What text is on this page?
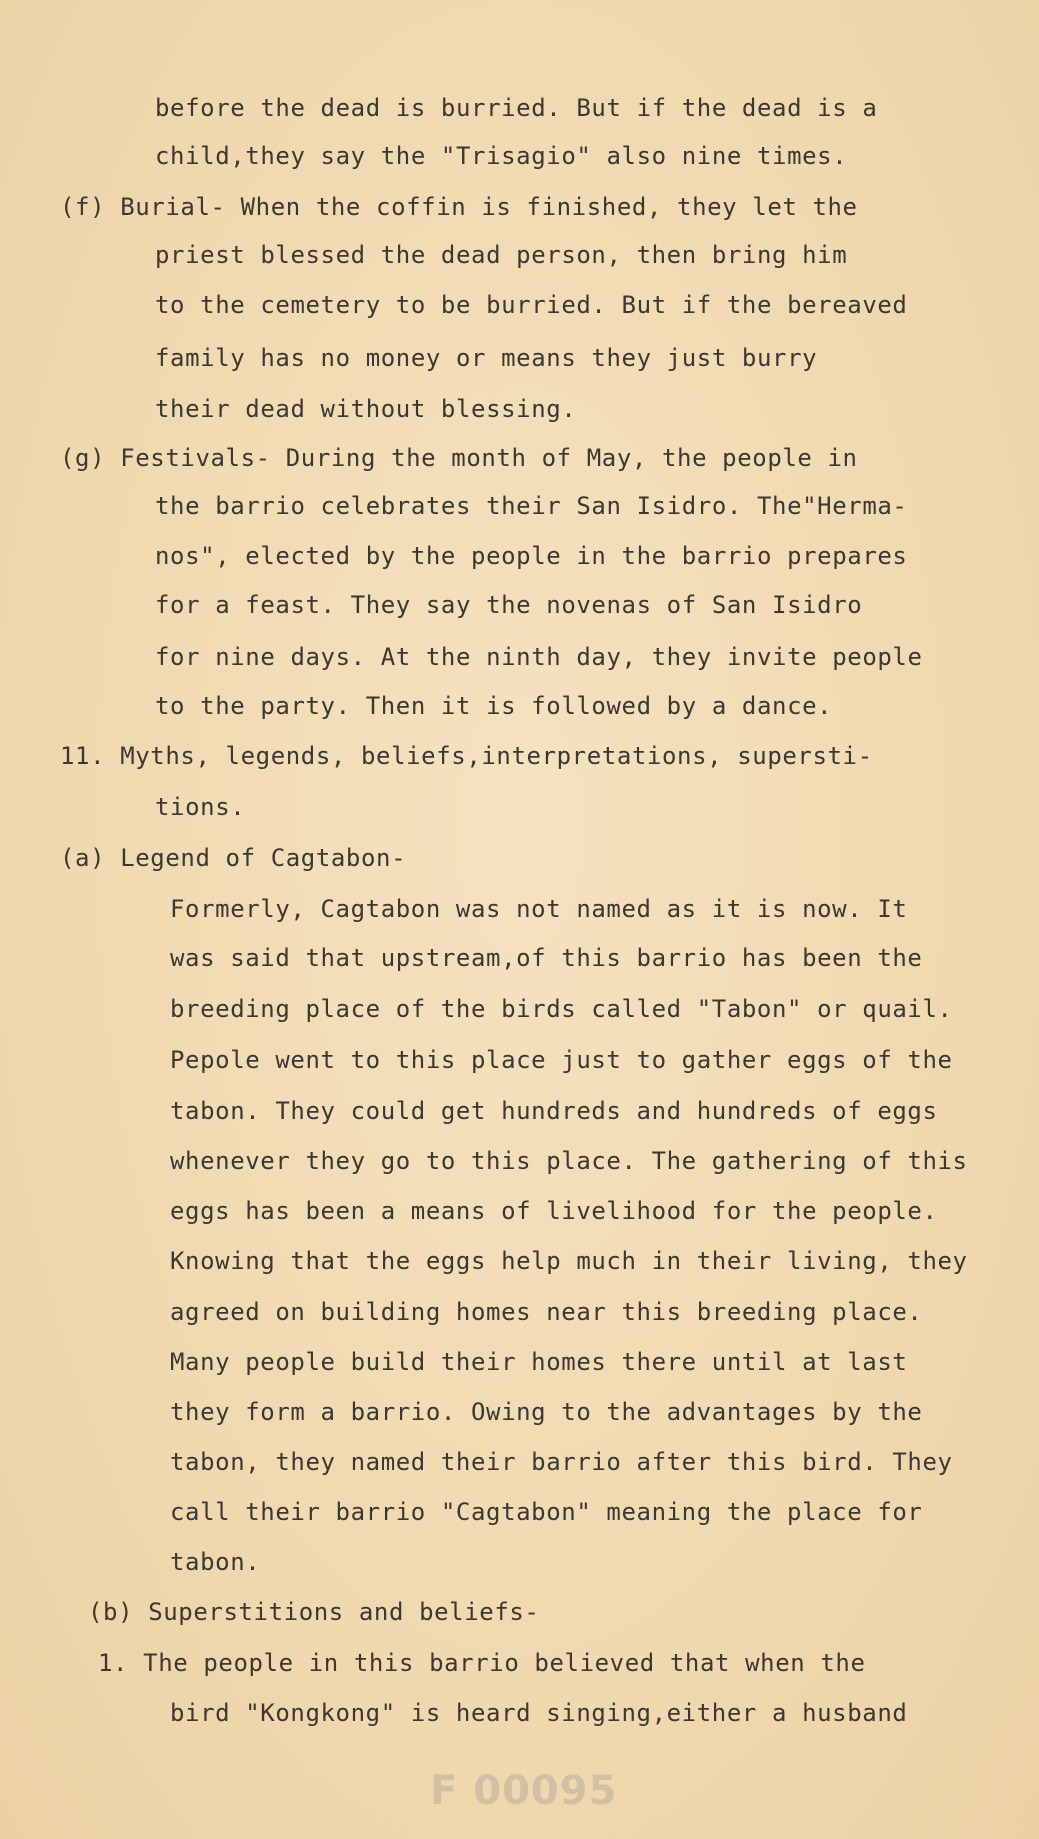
before the dead is burried. But if the dead is a
child,they say the "Trisagio" also nine times.
(f) Burial- When the coffin is finished, they let the
priest blessed the dead person, then bring him
to the cemetery to be burried. But if the bereaved
family has no money or means they just burry
their dead without blessing.
(g) Festivals- During the month of May, the people in
the barrio celebrates their San Isidro. The"Herma-
nos", elected by the people in the barrio prepares
for a feast. They say the novenas of San Isidro
for nine days. At the ninth day, they invite people
to the party. Then it is followed by a dance.
11. Myths, legends, beliefs,interpretations, supersti-
tions.
(a) Legend of Cagtabon-
Formerly, Cagtabon was not named as it is now. It
was said that upstream,of this barrio has been the
breeding place of the birds called "Tabon" or quail.
Pepole went to this place just to gather eggs of the
tabon. They could get hundreds and hundreds of eggs
whenever they go to this place. The gathering of this
eggs has been a means of livelihood for the people.
Knowing that the eggs help much in their living, they
agreed on building homes near this breeding place.
Many people build their homes there until at last
they form a barrio. Owing to the advantages by the
tabon, they named their barrio after this bird. They
call their barrio "Cagtabon" meaning the place for
tabon.
(b) Superstitions and beliefs-
1. The people in this barrio believed that when the
bird "Kongkong" is heard singing,either a husband
F 00095
